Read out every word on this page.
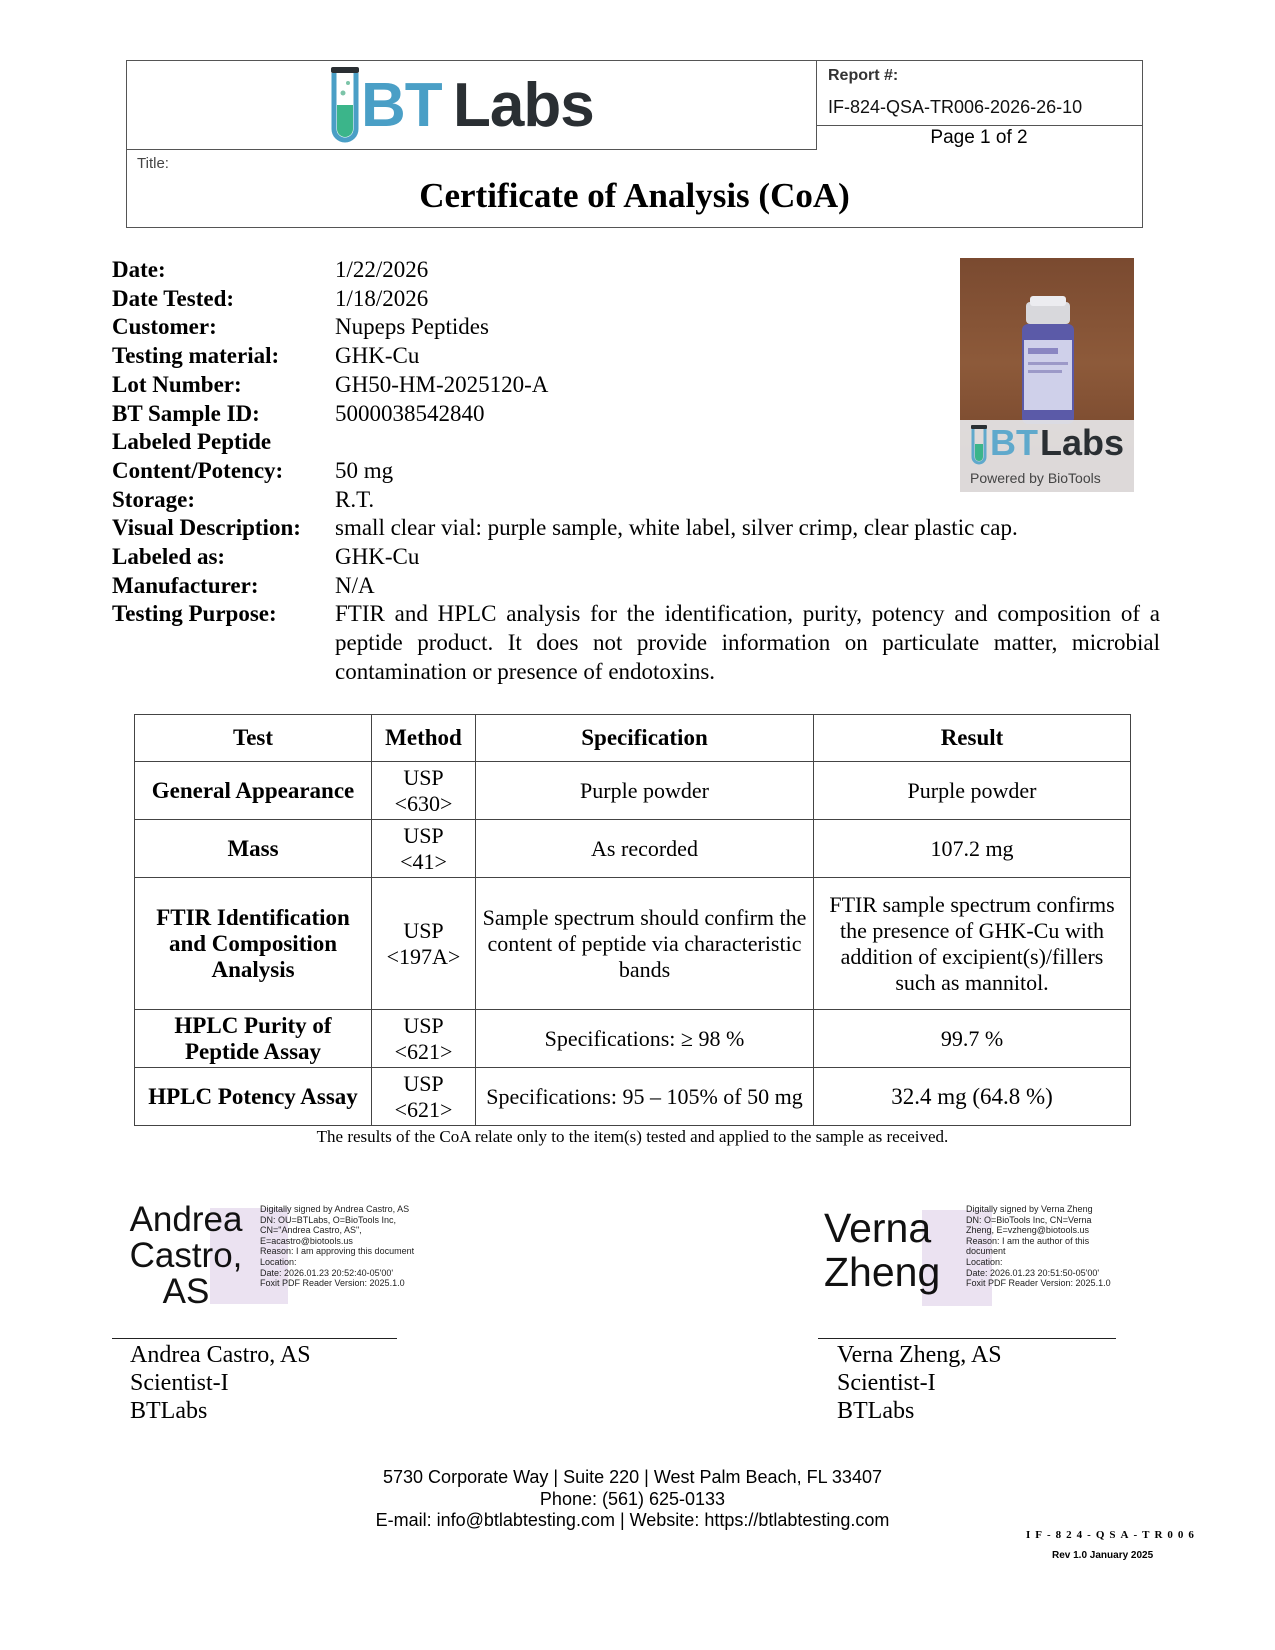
BT Labs	Report #:
IF-824-QSA-TR006-2026-26-10
Page 1 of 2
Title:
Certificate of Analysis (CoA)
Date:	1/22/2026
Date Tested:	1/18/2026
Customer:	Nupeps Peptides
Testing material: GHK-Cu
Lot Number:	GH50-HM-2025120-A
BT Sample ID:	5000038542840
Labeled Peptide

Content/Potency: 50 mg
Storage:	R.T.
Visual Description: small clear vial: purple sample, white label, silver crimp, clear plastic cap.
Labeled as:	GHK-Cu
Manufacturer:	N/A
Testing Purpose:	FTIR and HPLC analysis for the identification, purity, potency and composition of a peptide product. It does not provide information on particulate matter, microbial contamination or presence of endotoxins.
BT Labs
Powered by BioTools
Test	Method	Specification	Result
General Appearance	USP <630>	Purple powder	Purple powder
Mass	USP <41>	As recorded	107.2 mg
FTIR Identification and Composition Analysis	USP <197A>	Sample spectrum should confirm the content of peptide via characteristic bands	FTIR sample spectrum confirms the presence of GHK-Cu with addition of excipient(s)/fillers such as mannitol.
HPLC Purity of Peptide Assay	USP <621>	Specifications: ≥ 98 %	99.7 %
HPLC Potency Assay	USP <621>	Specifications: 95 – 105% of 50 mg	32.4 mg (64.8 %)
The results of the CoA relate only to the item(s) tested and applied to the sample as received.
Andrea Castro, AS
Digitally signed by Andrea Castro, AS
DN: OU=BTLabs, O=BioTools Inc, CN="Andrea Castro, AS", E=acastro@biotools.us
Reason: I am approving this document
Location:
Date: 2026.01.23 20:52:40-05'00'
Foxit PDF Reader Version: 2025.1.0
Andrea Castro, AS
Scientist-I
BTLabs
Verna Zheng
Digitally signed by Verna Zheng
DN: O=BioTools Inc, CN=Verna Zheng, E=vzheng@biotools.us
Reason: I am the author of this document
Location:
Date: 2026.01.23 20:51:50-05'00'
Foxit PDF Reader Version: 2025.1.0
Verna Zheng, AS
Scientist-I
BTLabs
5730 Corporate Way | Suite 220 | West Palm Beach, FL 33407
Phone: (561) 625-0133
E-mail: info@btlabtesting.com | Website: https://btlabtesting.com
IF-824-QSA-TR006
Rev 1.0 January 2025
